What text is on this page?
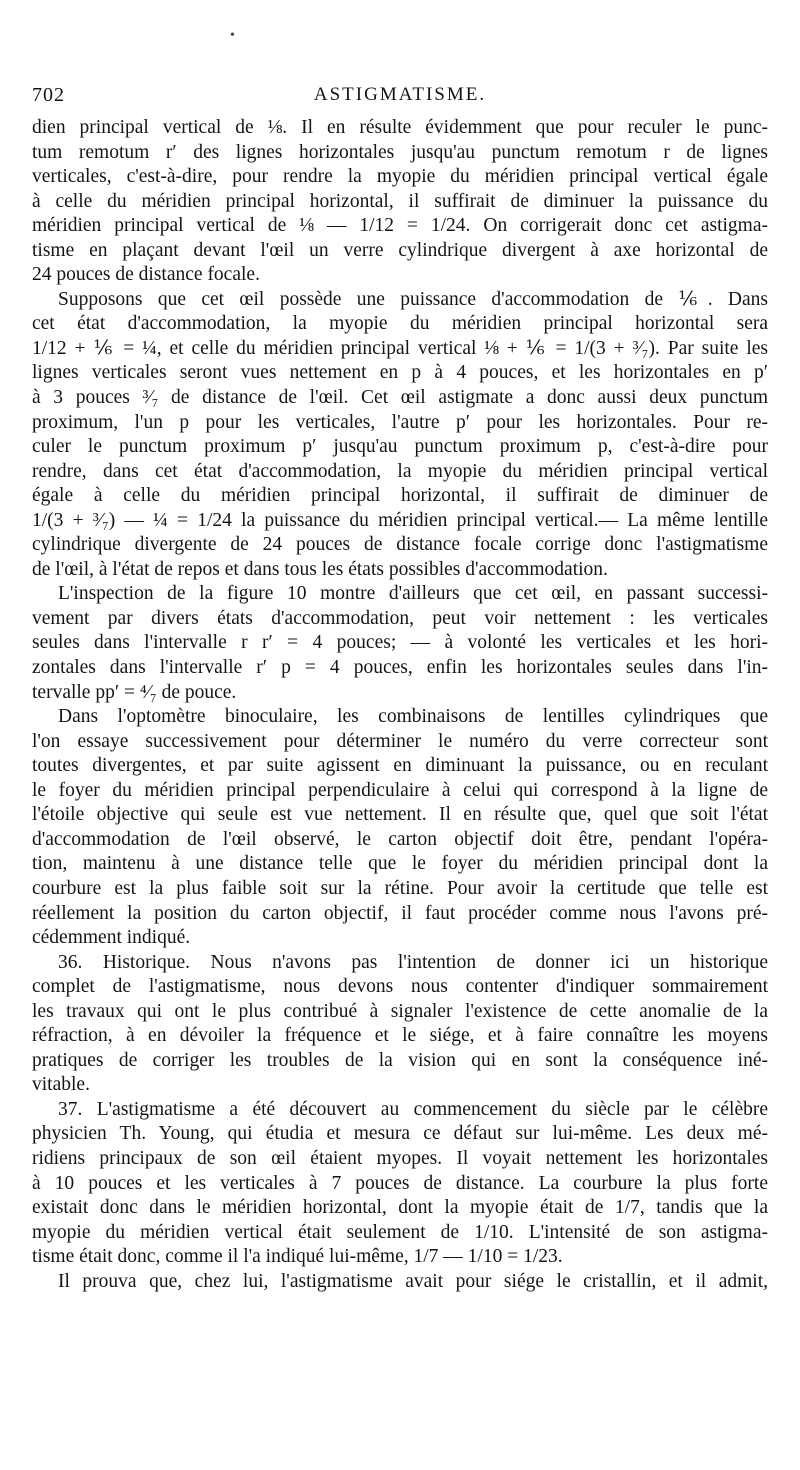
•
702	ASTIGMATISME.
dien principal vertical de ⅛. Il en résulte évidemment que pour reculer le punc-
tum remotum r′ des lignes horizontales jusqu'au punctum remotum r de lignes
verticales, c'est-à-dire, pour rendre la myopie du méridien principal vertical égale
à celle du méridien principal horizontal, il suffirait de diminuer la puissance du
méridien principal vertical de ⅛ — 1/12 = 1/24. On corrigerait donc cet astigma-
tisme en plaçant devant l'œil un verre cylindrique divergent à axe horizontal de
24 pouces de distance focale.
Supposons que cet œil possède une puissance d'accommodation de ⅙. Dans
cet état d'accommodation, la myopie du méridien principal horizontal sera
1/12 + ⅙ = ¼, et celle du méridien principal vertical ⅛ + ⅙ = 1/(3 + ³⁄₇). Par suite les
lignes verticales seront vues nettement en p à 4 pouces, et les horizontales en p′
à 3 pouces ³⁄₇ de distance de l'œil. Cet œil astigmate a donc aussi deux punctum
proximum, l'un p pour les verticales, l'autre p′ pour les horizontales. Pour re-
culer le punctum proximum p′ jusqu'au punctum proximum p, c'est-à-dire pour
rendre, dans cet état d'accommodation, la myopie du méridien principal vertical
égale à celle du méridien principal horizontal, il suffirait de diminuer de
1/(3 + ³⁄₇) — ¼ = 1/24 la puissance du méridien principal vertical.— La même lentille
cylindrique divergente de 24 pouces de distance focale corrige donc l'astigmatisme
de l'œil, à l'état de repos et dans tous les états possibles d'accommodation.
L'inspection de la figure 10 montre d'ailleurs que cet œil, en passant successi-
vement par divers états d'accommodation, peut voir nettement : les verticales
seules dans l'intervalle r r′ = 4 pouces; — à volonté les verticales et les hori-
zontales dans l'intervalle r′ p = 4 pouces, enfin les horizontales seules dans l'in-
tervalle pp′ = ⁴⁄₇ de pouce.
Dans l'optomètre binoculaire, les combinaisons de lentilles cylindriques que
l'on essaye successivement pour déterminer le numéro du verre correcteur sont
toutes divergentes, et par suite agissent en diminuant la puissance, ou en reculant
le foyer du méridien principal perpendiculaire à celui qui correspond à la ligne de
l'étoile objective qui seule est vue nettement. Il en résulte que, quel que soit l'état
d'accommodation de l'œil observé, le carton objectif doit être, pendant l'opéra-
tion, maintenu à une distance telle que le foyer du méridien principal dont la
courbure est la plus faible soit sur la rétine. Pour avoir la certitude que telle est
réellement la position du carton objectif, il faut procéder comme nous l'avons pré-
cédemment indiqué.
36. Historique. Nous n'avons pas l'intention de donner ici un historique
complet de l'astigmatisme, nous devons nous contenter d'indiquer sommairement
les travaux qui ont le plus contribué à signaler l'existence de cette anomalie de la
réfraction, à en dévoiler la fréquence et le siége, et à faire connaître les moyens
pratiques de corriger les troubles de la vision qui en sont la conséquence iné-
vitable.
37. L'astigmatisme a été découvert au commencement du siècle par le célèbre
physicien Th. Young, qui étudia et mesura ce défaut sur lui-même. Les deux mé-
ridiens principaux de son œil étaient myopes. Il voyait nettement les horizontales
à 10 pouces et les verticales à 7 pouces de distance. La courbure la plus forte
existait donc dans le méridien horizontal, dont la myopie était de 1/7, tandis que la
myopie du méridien vertical était seulement de 1/10. L'intensité de son astigma-
tisme était donc, comme il l'a indiqué lui-même, 1/7 — 1/10 = 1/23.
Il prouva que, chez lui, l'astigmatisme avait pour siége le cristallin, et il admit,
